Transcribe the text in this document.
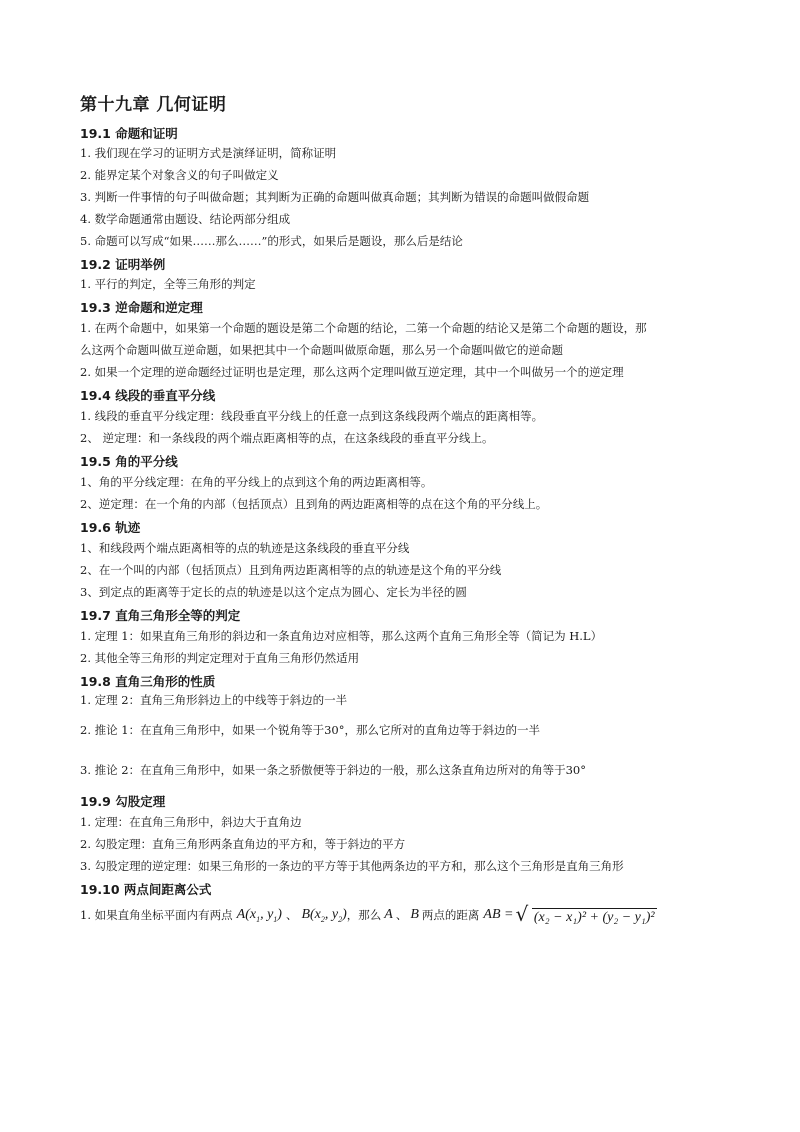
第十九章 几何证明
19.1 命题和证明
1. 我们现在学习的证明方式是演绎证明，简称证明
2. 能界定某个对象含义的句子叫做定义
3. 判断一件事情的句子叫做命题；其判断为正确的命题叫做真命题；其判断为错误的命题叫做假命题
4. 数学命题通常由题设、结论两部分组成
5. 命题可以写成“如果……那么……”的形式，如果后是题设，那么后是结论
19.2 证明举例
1. 平行的判定，全等三角形的判定
19.3 逆命题和逆定理
1. 在两个命题中，如果第一个命题的题设是第二个命题的结论，二第一个命题的结论又是第二个命题的题设，那
么这两个命题叫做互逆命题，如果把其中一个命题叫做原命题，那么另一个命题叫做它的逆命题
2. 如果一个定理的逆命题经过证明也是定理，那么这两个定理叫做互逆定理，其中一个叫做另一个的逆定理
19.4 线段的垂直平分线
1. 线段的垂直平分线定理：线段垂直平分线上的任意一点到这条线段两个端点的距离相等。
2、 逆定理：和一条线段的两个端点距离相等的点，在这条线段的垂直平分线上。
19.5 角的平分线
1、角的平分线定理：在角的平分线上的点到这个角的两边距离相等。
2、逆定理：在一个角的内部（包括顶点）且到角的两边距离相等的点在这个角的平分线上。
19.6 轨迹
1、和线段两个端点距离相等的点的轨迹是这条线段的垂直平分线
2、在一个叫的内部（包括顶点）且到角两边距离相等的点的轨迹是这个角的平分线
3、到定点的距离等于定长的点的轨迹是以这个定点为圆心、定长为半径的圆
19.7 直角三角形全等的判定
1. 定理 1：如果直角三角形的斜边和一条直角边对应相等，那么这两个直角三角形全等（简记为 H.L）
2. 其他全等三角形的判定定理对于直角三角形仍然适用
19.8 直角三角形的性质
1. 定理 2：直角三角形斜边上的中线等于斜边的一半
2. 推论 1：在直角三角形中，如果一个锐角等于30°，那么它所对的直角边等于斜边的一半
3. 推论 2：在直角三角形中，如果一条之骄傲便等于斜边的一般，那么这条直角边所对的角等于30°
19.9 勾股定理
1. 定理：在直角三角形中，斜边大于直角边
2. 勾股定理：直角三角形两条直角边的平方和，等于斜边的平方
3. 勾股定理的逆定理：如果三角形的一条边的平方等于其他两条边的平方和，那么这个三角形是直角三角形
19.10 两点间距离公式
1. 如果直角坐标平面内有两点 $A(x_1$, $y_1$) 、 $B(x_2$, $y_2$) ，那么 A 、 B 两点的距离 AB = √ (x₂ − x₁)² + (y₂ − y₁)²
